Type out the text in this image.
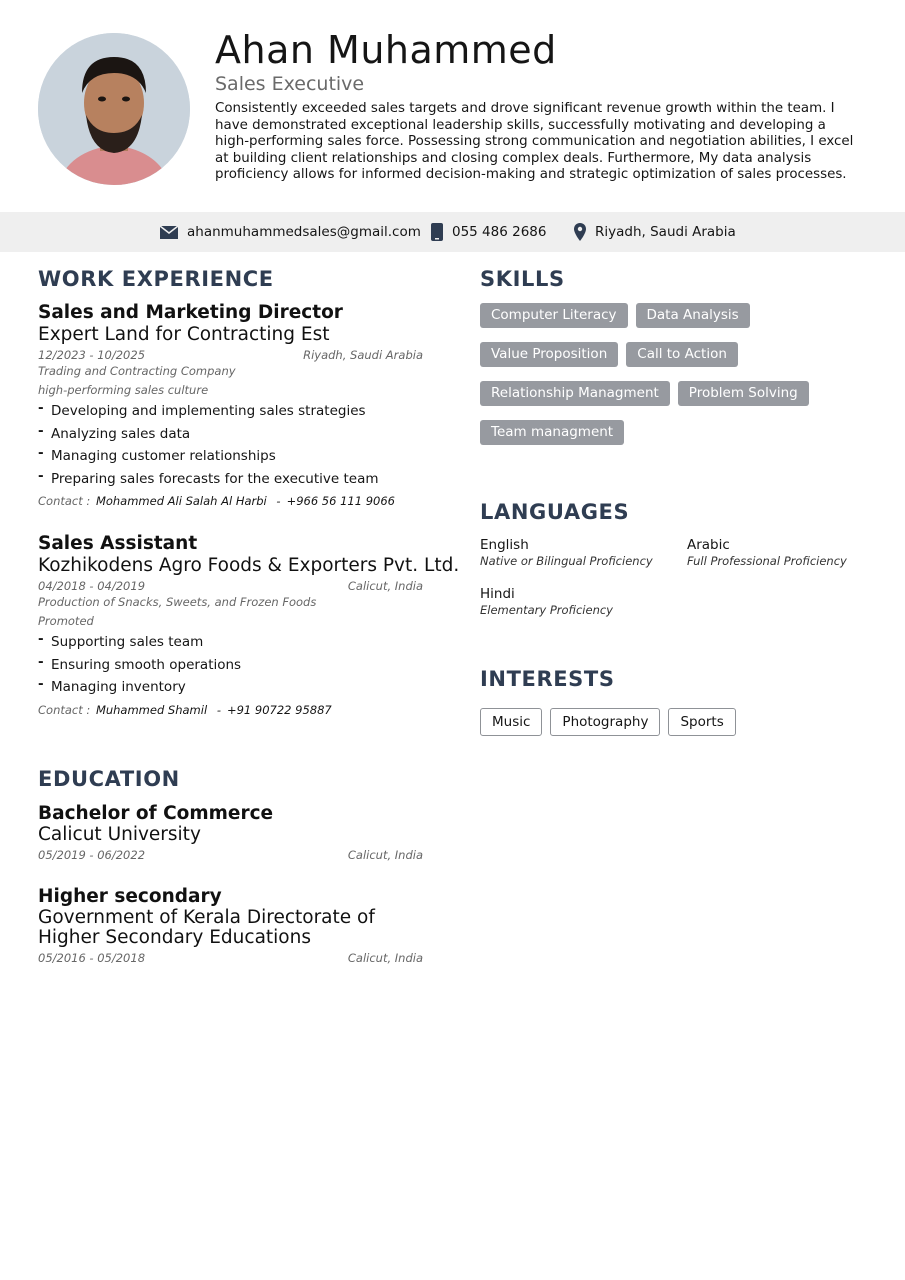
Ahan Muhammed
Sales Executive
Consistently exceeded sales targets and drove significant revenue growth within the team. I have demonstrated exceptional leadership skills, successfully motivating and developing a high-performing sales force. Possessing strong communication and negotiation abilities, I excel at building client relationships and closing complex deals. Furthermore, My data analysis proficiency allows for informed decision-making and strategic optimization of sales processes.
ahanmuhammedsales@gmail.com 055 486 2686	Riyadh, Saudi Arabia
WORK EXPERIENCE
Sales and Marketing Director
Expert Land for Contracting Est
12/2023 - 10/2025	Riyadh, Saudi Arabia
Trading and Contracting Company
high-performing sales culture
- Developing and implementing sales strategies
- Analyzing sales data
- Managing customer relationships
- Preparing sales forecasts for the executive team
Contact : Mohammed Ali Salah Al Harbi - +966 56 111 9066
Sales Assistant
Kozhikodens Agro Foods & Exporters Pvt. Ltd.
04/2018 - 04/2019	Calicut, India
Production of Snacks, Sweets, and Frozen Foods
Promoted
- Supporting sales team
- Ensuring smooth operations
- Managing inventory
Contact : Muhammed Shamil - +91 90722 95887
EDUCATION
Bachelor of Commerce
Calicut University
05/2019 - 06/2022	Calicut, India
Higher secondary
Government of Kerala Directorate of Higher Secondary Educations
05/2016 - 05/2018	Calicut, India
SKILLS
Computer Literacy	Data Analysis
Value Proposition	Call to Action
Relationship Managment	Problem Solving
Team managment
LANGUAGES
English
Native or Bilingual Proficiency
Arabic
Full Professional Proficiency
Hindi
Elementary Proficiency
INTERESTS
Music	Photography	Sports
